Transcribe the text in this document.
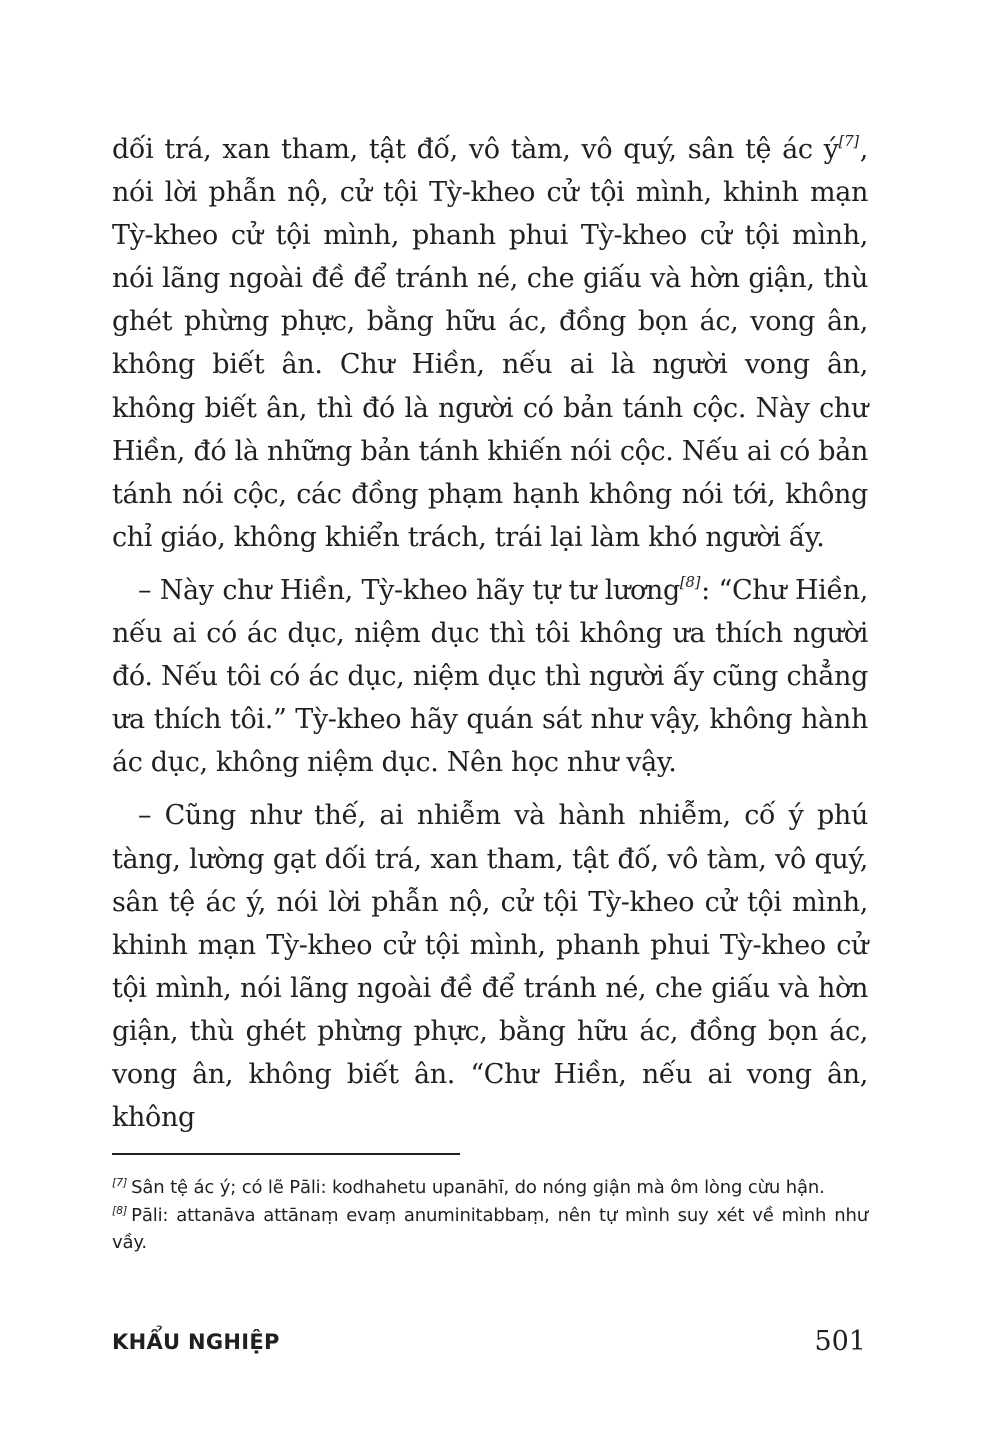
dối trá, xan tham, tật đố, vô tàm, vô quý, sân tệ ác ý[7], nói lời phẫn nộ, cử tội Tỳ-kheo cử tội mình, khinh mạn Tỳ-kheo cử tội mình, phanh phui Tỳ-kheo cử tội mình, nói lãng ngoài đề để tránh né, che giấu và hờn giận, thù ghét phừng phực, bằng hữu ác, đồng bọn ác, vong ân, không biết ân. Chư Hiền, nếu ai là người vong ân, không biết ân, thì đó là người có bản tánh cộc. Này chư Hiền, đó là những bản tánh khiến nói cộc. Nếu ai có bản tánh nói cộc, các đồng phạm hạnh không nói tới, không chỉ giáo, không khiển trách, trái lại làm khó người ấy.

– Này chư Hiền, Tỳ-kheo hãy tự tư lương[8]: “Chư Hiền, nếu ai có ác dục, niệm dục thì tôi không ưa thích người đó. Nếu tôi có ác dục, niệm dục thì người ấy cũng chẳng ưa thích tôi.” Tỳ-kheo hãy quán sát như vậy, không hành ác dục, không niệm dục. Nên học như vậy.

– Cũng như thế, ai nhiễm và hành nhiễm, cố ý phú tàng, lường gạt dối trá, xan tham, tật đố, vô tàm, vô quý, sân tệ ác ý, nói lời phẫn nộ, cử tội Tỳ-kheo cử tội mình, khinh mạn Tỳ-kheo cử tội mình, phanh phui Tỳ-kheo cử tội mình, nói lãng ngoài đề để tránh né, che giấu và hờn giận, thù ghét phừng phực, bằng hữu ác, đồng bọn ác, vong ân, không biết ân. “Chư Hiền, nếu ai vong ân, không

[7] Sân tệ ác ý; có lẽ Pāli: kodhahetu upanāhī, do nóng giận mà ôm lòng cừu hận.

[8] Pāli: attanāva attānaṃ evaṃ anuminitabbaṃ, nên tự mình suy xét về mình như vầy.

KHẨU NGHIỆP	501
